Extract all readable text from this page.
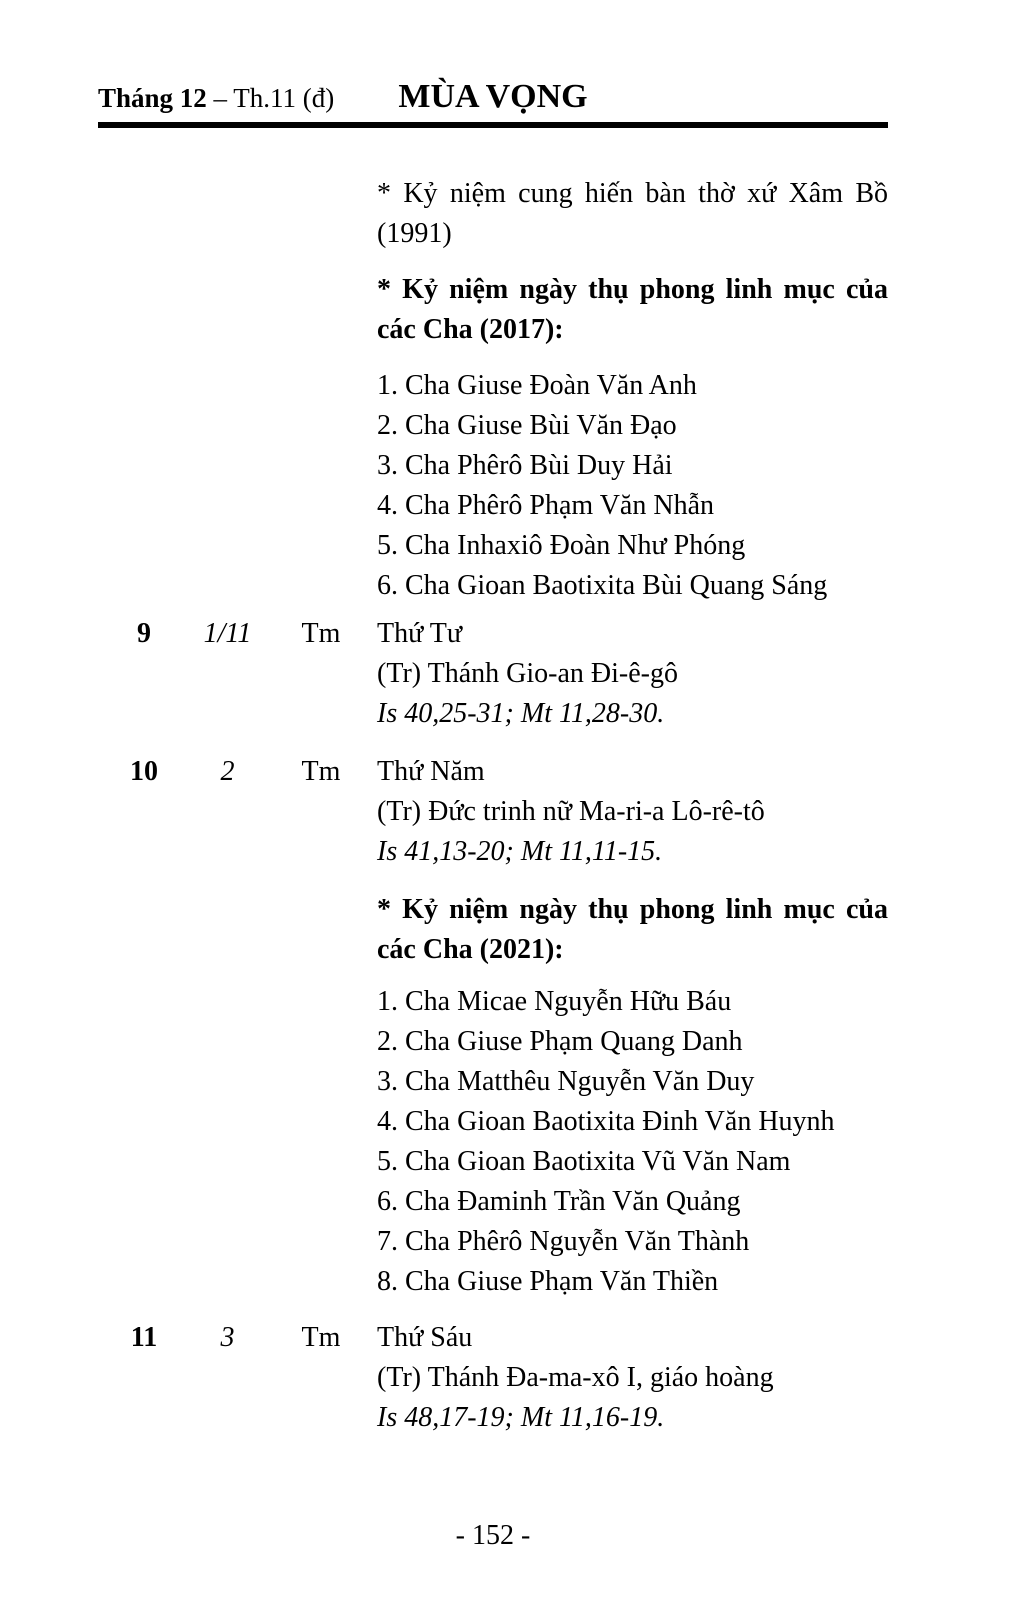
Tháng 12 – Th.11 (đ) MÙA VỌNG
* Kỷ niệm cung hiến bàn thờ xứ Xâm Bồ (1991)
* Kỷ niệm ngày thụ phong linh mục của các Cha (2017):
1. Cha Giuse Đoàn Văn Anh
2. Cha Giuse Bùi Văn Đạo
3. Cha Phêrô Bùi Duy Hải
4. Cha Phêrô Phạm Văn Nhẫn
5. Cha Inhaxiô Đoàn Như Phóng
6. Cha Gioan Baotixita Bùi Quang Sáng
9	1/11	Tm	Thứ Tư
(Tr) Thánh Gio-an Đi-ê-gô
Is 40,25-31; Mt 11,28-30.
10	2	Tm	Thứ Năm
(Tr) Đức trinh nữ Ma-ri-a Lô-rê-tô
Is 41,13-20; Mt 11,11-15.
* Kỷ niệm ngày thụ phong linh mục của các Cha (2021):
1. Cha Micae Nguyễn Hữu Báu
2. Cha Giuse Phạm Quang Danh
3. Cha Matthêu Nguyễn Văn Duy
4. Cha Gioan Baotixita Đinh Văn Huynh
5. Cha Gioan Baotixita Vũ Văn Nam
6. Cha Đaminh Trần Văn Quảng
7. Cha Phêrô Nguyễn Văn Thành
8. Cha Giuse Phạm Văn Thiền
11	3	Tm	Thứ Sáu
(Tr) Thánh Đa-ma-xô I, giáo hoàng
Is 48,17-19; Mt 11,16-19.
- 152 -
